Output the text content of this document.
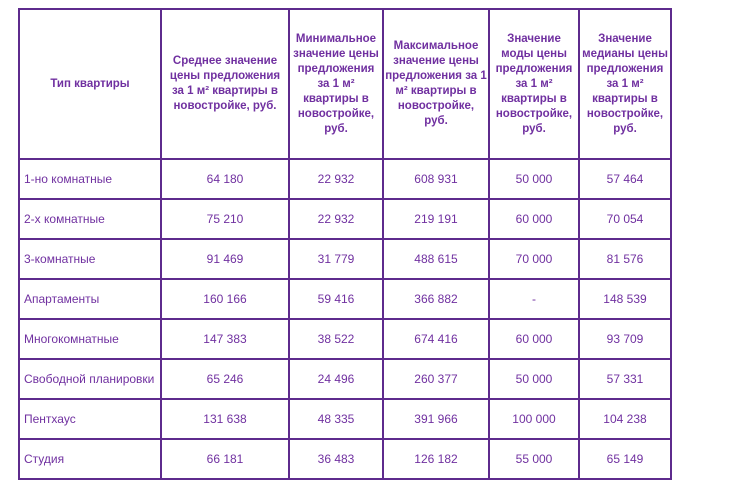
Тип квартиры	Среднее значение цены предложения за 1 м² квартиры в новостройке, руб.	Минимальное значение цены предложения за 1 м² квартиры в новостройке, руб.	Максимальное значение цены предложения за 1 м² квартиры в новостройке, руб.	Значение моды цены предложения за 1 м² квартиры в новостройке, руб.	Значение медианы цены предложения за 1 м² квартиры в новостройке, руб.
1-но комнатные	64 180	22 932	608 931	50 000	57 464
2-х комнатные	75 210	22 932	219 191	60 000	70 054
3-комнатные	91 469	31 779	488 615	70 000	81 576
Апартаменты	160 166	59 416	366 882	-	148 539
Многокомнатные	147 383	38 522	674 416	60 000	93 709
Свободной планировки	65 246	24 496	260 377	50 000	57 331
Пентхаус	131 638	48 335	391 966	100 000	104 238
Студия	66 181	36 483	126 182	55 000	65 149
